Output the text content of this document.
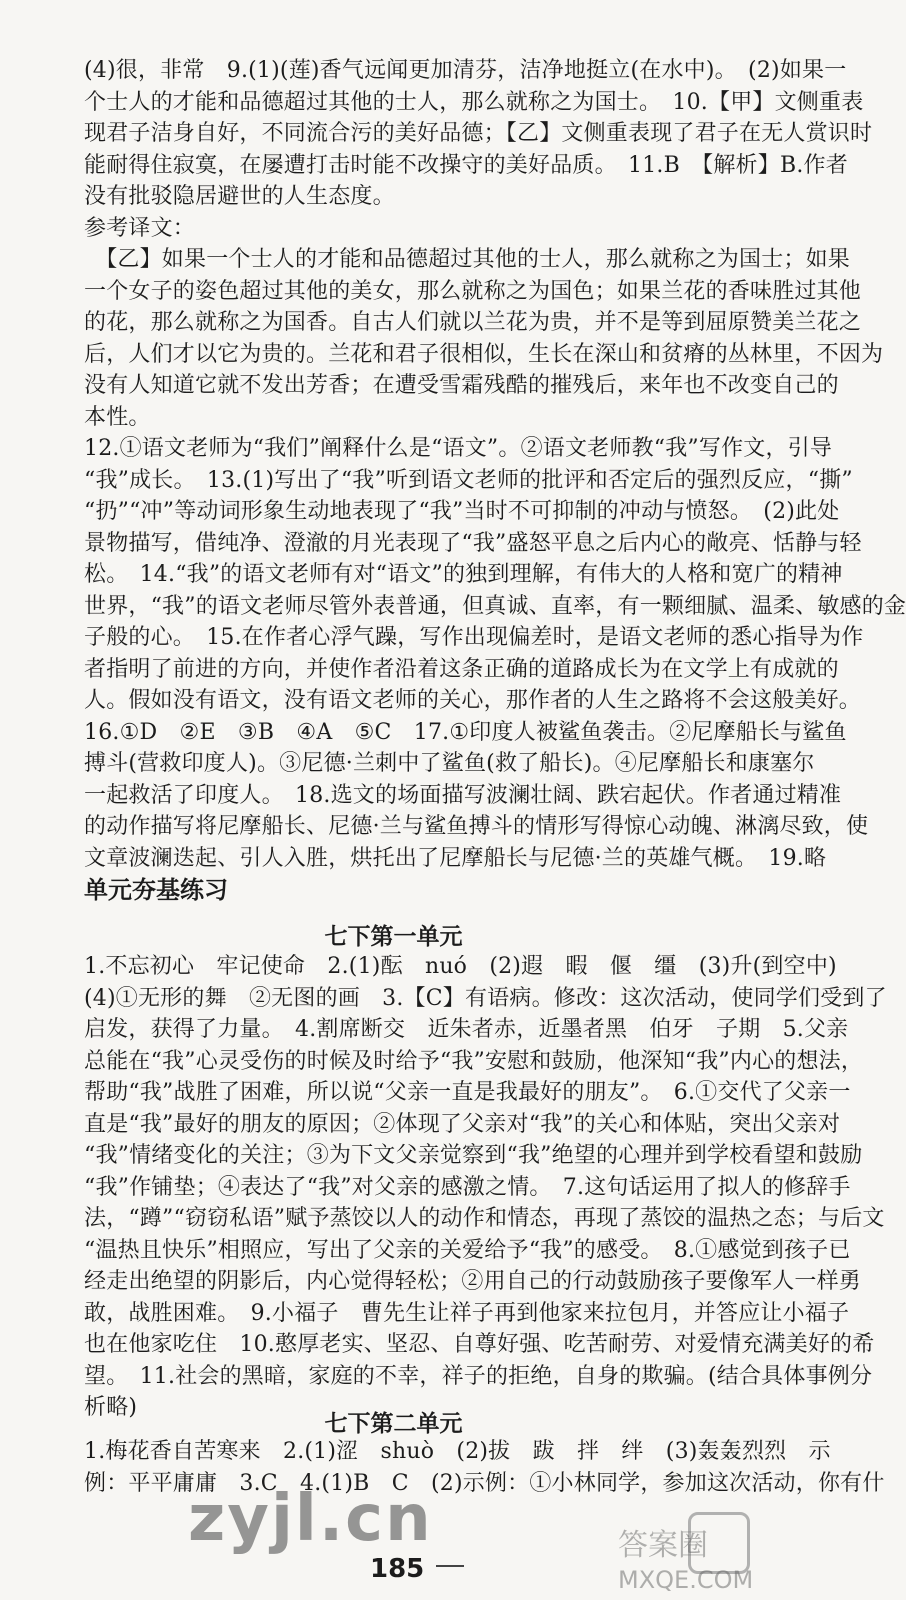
(4)很，非常　9.(1)(莲)香气远闻更加清芬，洁净地挺立(在水中)。　(2)如果一
个士人的才能和品德超过其他的士人，那么就称之为国士。　10.【甲】文侧重表
现君子洁身自好，不同流合污的美好品德；【乙】文侧重表现了君子在无人赏识时
能耐得住寂寞，在屡遭打击时能不改操守的美好品质。　11.B　【解析】B.作者
没有批驳隐居避世的人生态度。
参考译文：
　【乙】如果一个士人的才能和品德超过其他的士人，那么就称之为国士；如果
一个女子的姿色超过其他的美女，那么就称之为国色；如果兰花的香味胜过其他
的花，那么就称之为国香。自古人们就以兰花为贵，并不是等到屈原赞美兰花之
后，人们才以它为贵的。兰花和君子很相似，生长在深山和贫瘠的丛林里，不因为
没有人知道它就不发出芳香；在遭受雪霜残酷的摧残后，来年也不改变自己的
本性。
12.①语文老师为“我们”阐释什么是“语文”。②语文老师教“我”写作文，引导
“我”成长。　13.(1)写出了“我”听到语文老师的批评和否定后的强烈反应，“撕”
“扔”“冲”等动词形象生动地表现了“我”当时不可抑制的冲动与愤怒。　(2)此处
景物描写，借纯净、澄澈的月光表现了“我”盛怒平息之后内心的敞亮、恬静与轻
松。　14.“我”的语文老师有对“语文”的独到理解，有伟大的人格和宽广的精神
世界，“我”的语文老师尽管外表普通，但真诚、直率，有一颗细腻、温柔、敏感的金
子般的心。　15.在作者心浮气躁，写作出现偏差时，是语文老师的悉心指导为作
者指明了前进的方向，并使作者沿着这条正确的道路成长为在文学上有成就的
人。假如没有语文，没有语文老师的关心，那作者的人生之路将不会这般美好。
16.①D　②E　③B　④A　⑤C　17.①印度人被鲨鱼袭击。②尼摩船长与鲨鱼
搏斗(营救印度人)。③尼德·兰刺中了鲨鱼(救了船长)。④尼摩船长和康塞尔
一起救活了印度人。　18.选文的场面描写波澜壮阔、跌宕起伏。作者通过精准
的动作描写将尼摩船长、尼德·兰与鲨鱼搏斗的情形写得惊心动魄、淋漓尽致，使
文章波澜迭起、引人入胜，烘托出了尼摩船长与尼德·兰的英雄气概。　19.略
单元夯基练习
七下第一单元
1.不忘初心　牢记使命　2.(1)酝　nuó　(2)遐　暇　偃　缰　(3)升(到空中)
(4)①无形的舞　②无图的画　3.【C】有语病。修改：这次活动，使同学们受到了
启发，获得了力量。　4.割席断交　近朱者赤，近墨者黑　伯牙　子期　5.父亲
总能在“我”心灵受伤的时候及时给予“我”安慰和鼓励，他深知“我”内心的想法，
帮助“我”战胜了困难，所以说“父亲一直是我最好的朋友”。　6.①交代了父亲一
直是“我”最好的朋友的原因；②体现了父亲对“我”的关心和体贴，突出父亲对
“我”情绪变化的关注；③为下文父亲觉察到“我”绝望的心理并到学校看望和鼓励
“我”作铺垫；④表达了“我”对父亲的感激之情。　7.这句话运用了拟人的修辞手
法，“蹲”“窃窃私语”赋予蒸饺以人的动作和情态，再现了蒸饺的温热之态；与后文
“温热且快乐”相照应，写出了父亲的关爱给予“我”的感受。　8.①感觉到孩子已
经走出绝望的阴影后，内心觉得轻松；②用自己的行动鼓励孩子要像军人一样勇
敢，战胜困难。　9.小福子　曹先生让祥子再到他家来拉包月，并答应让小福子
也在他家吃住　10.憨厚老实、坚忍、自尊好强、吃苦耐劳、对爱情充满美好的希
望。　11.社会的黑暗，家庭的不幸，祥子的拒绝，自身的欺骗。(结合具体事例分
析略)
七下第二单元
1.梅花香自苦寒来　2.(1)涩　shuò　(2)拔　跋　拌　绊　(3)轰轰烈烈　示
例：平平庸庸　3.C　4.(1)B　C　(2)示例：①小林同学，参加这次活动，你有什
zyjl.cn
185
答案圈
MXQE.COM
